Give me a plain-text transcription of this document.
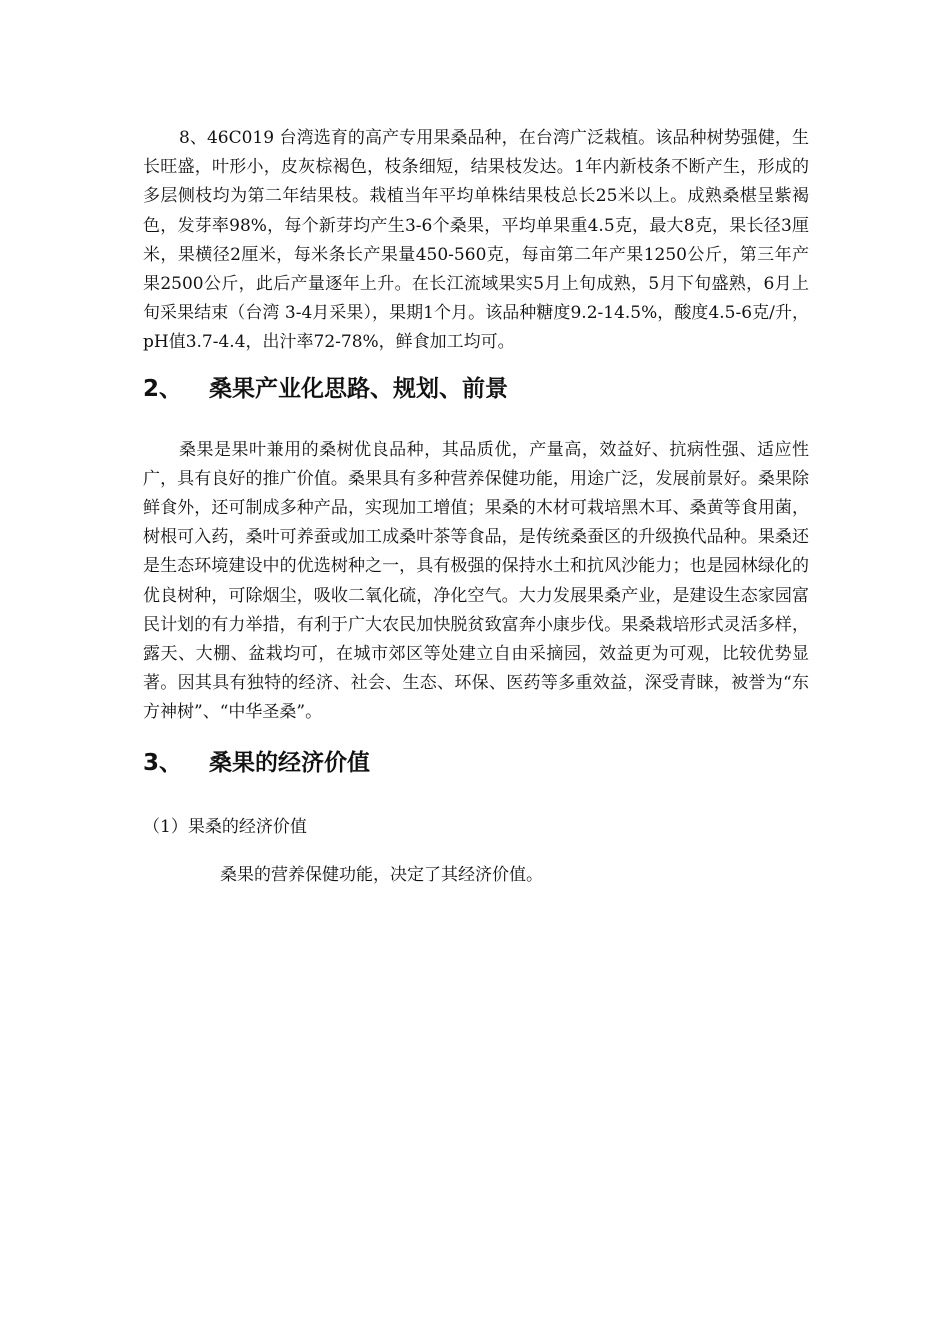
8、46C019 台湾选育的高产专用果桑品种，在台湾广泛栽植。该品种树势强健，生长旺盛，叶形小，皮灰棕褐色，枝条细短，结果枝发达。1年内新枝条不断产生，形成的多层侧枝均为第二年结果枝。栽植当年平均单株结果枝总长25米以上。成熟桑椹呈紫褐色，发芽率98%，每个新芽均产生3-6个桑果，平均单果重4.5克，最大8克，果长径3厘米，果横径2厘米，每米条长产果量450-560克，每亩第二年产果1250公斤，第三年产果2500公斤，此后产量逐年上升。在长江流域果实5月上旬成熟，5月下旬盛熟，6月上旬采果结束（台湾 3-4月采果），果期1个月。该品种糖度9.2-14.5%，酸度4.5-6克/升，pH值3.7-4.4，出汁率72-78%，鲜食加工均可。

2、	桑果产业化思路、规划、前景

桑果是果叶兼用的桑树优良品种，其品质优，产量高，效益好、抗病性强、适应性广，具有良好的推广价值。桑果具有多种营养保健功能，用途广泛，发展前景好。桑果除鲜食外，还可制成多种产品，实现加工增值；果桑的木材可栽培黑木耳、桑黄等食用菌，树根可入药，桑叶可养蚕或加工成桑叶茶等食品，是传统桑蚕区的升级换代品种。果桑还是生态环境建设中的优选树种之一，具有极强的保持水土和抗风沙能力；也是园林绿化的优良树种，可除烟尘，吸收二氧化硫，净化空气。大力发展果桑产业，是建设生态家园富民计划的有力举措，有利于广大农民加快脱贫致富奔小康步伐。果桑栽培形式灵活多样，露天、大棚、盆栽均可，在城市郊区等处建立自由采摘园，效益更为可观，比较优势显著。因其具有独特的经济、社会、生态、环保、医药等多重效益，深受青睐，被誉为“东方神树”、“中华圣桑”。

3、	桑果的经济价值

（1）果桑的经济价值

桑果的营养保健功能，决定了其经济价值。
